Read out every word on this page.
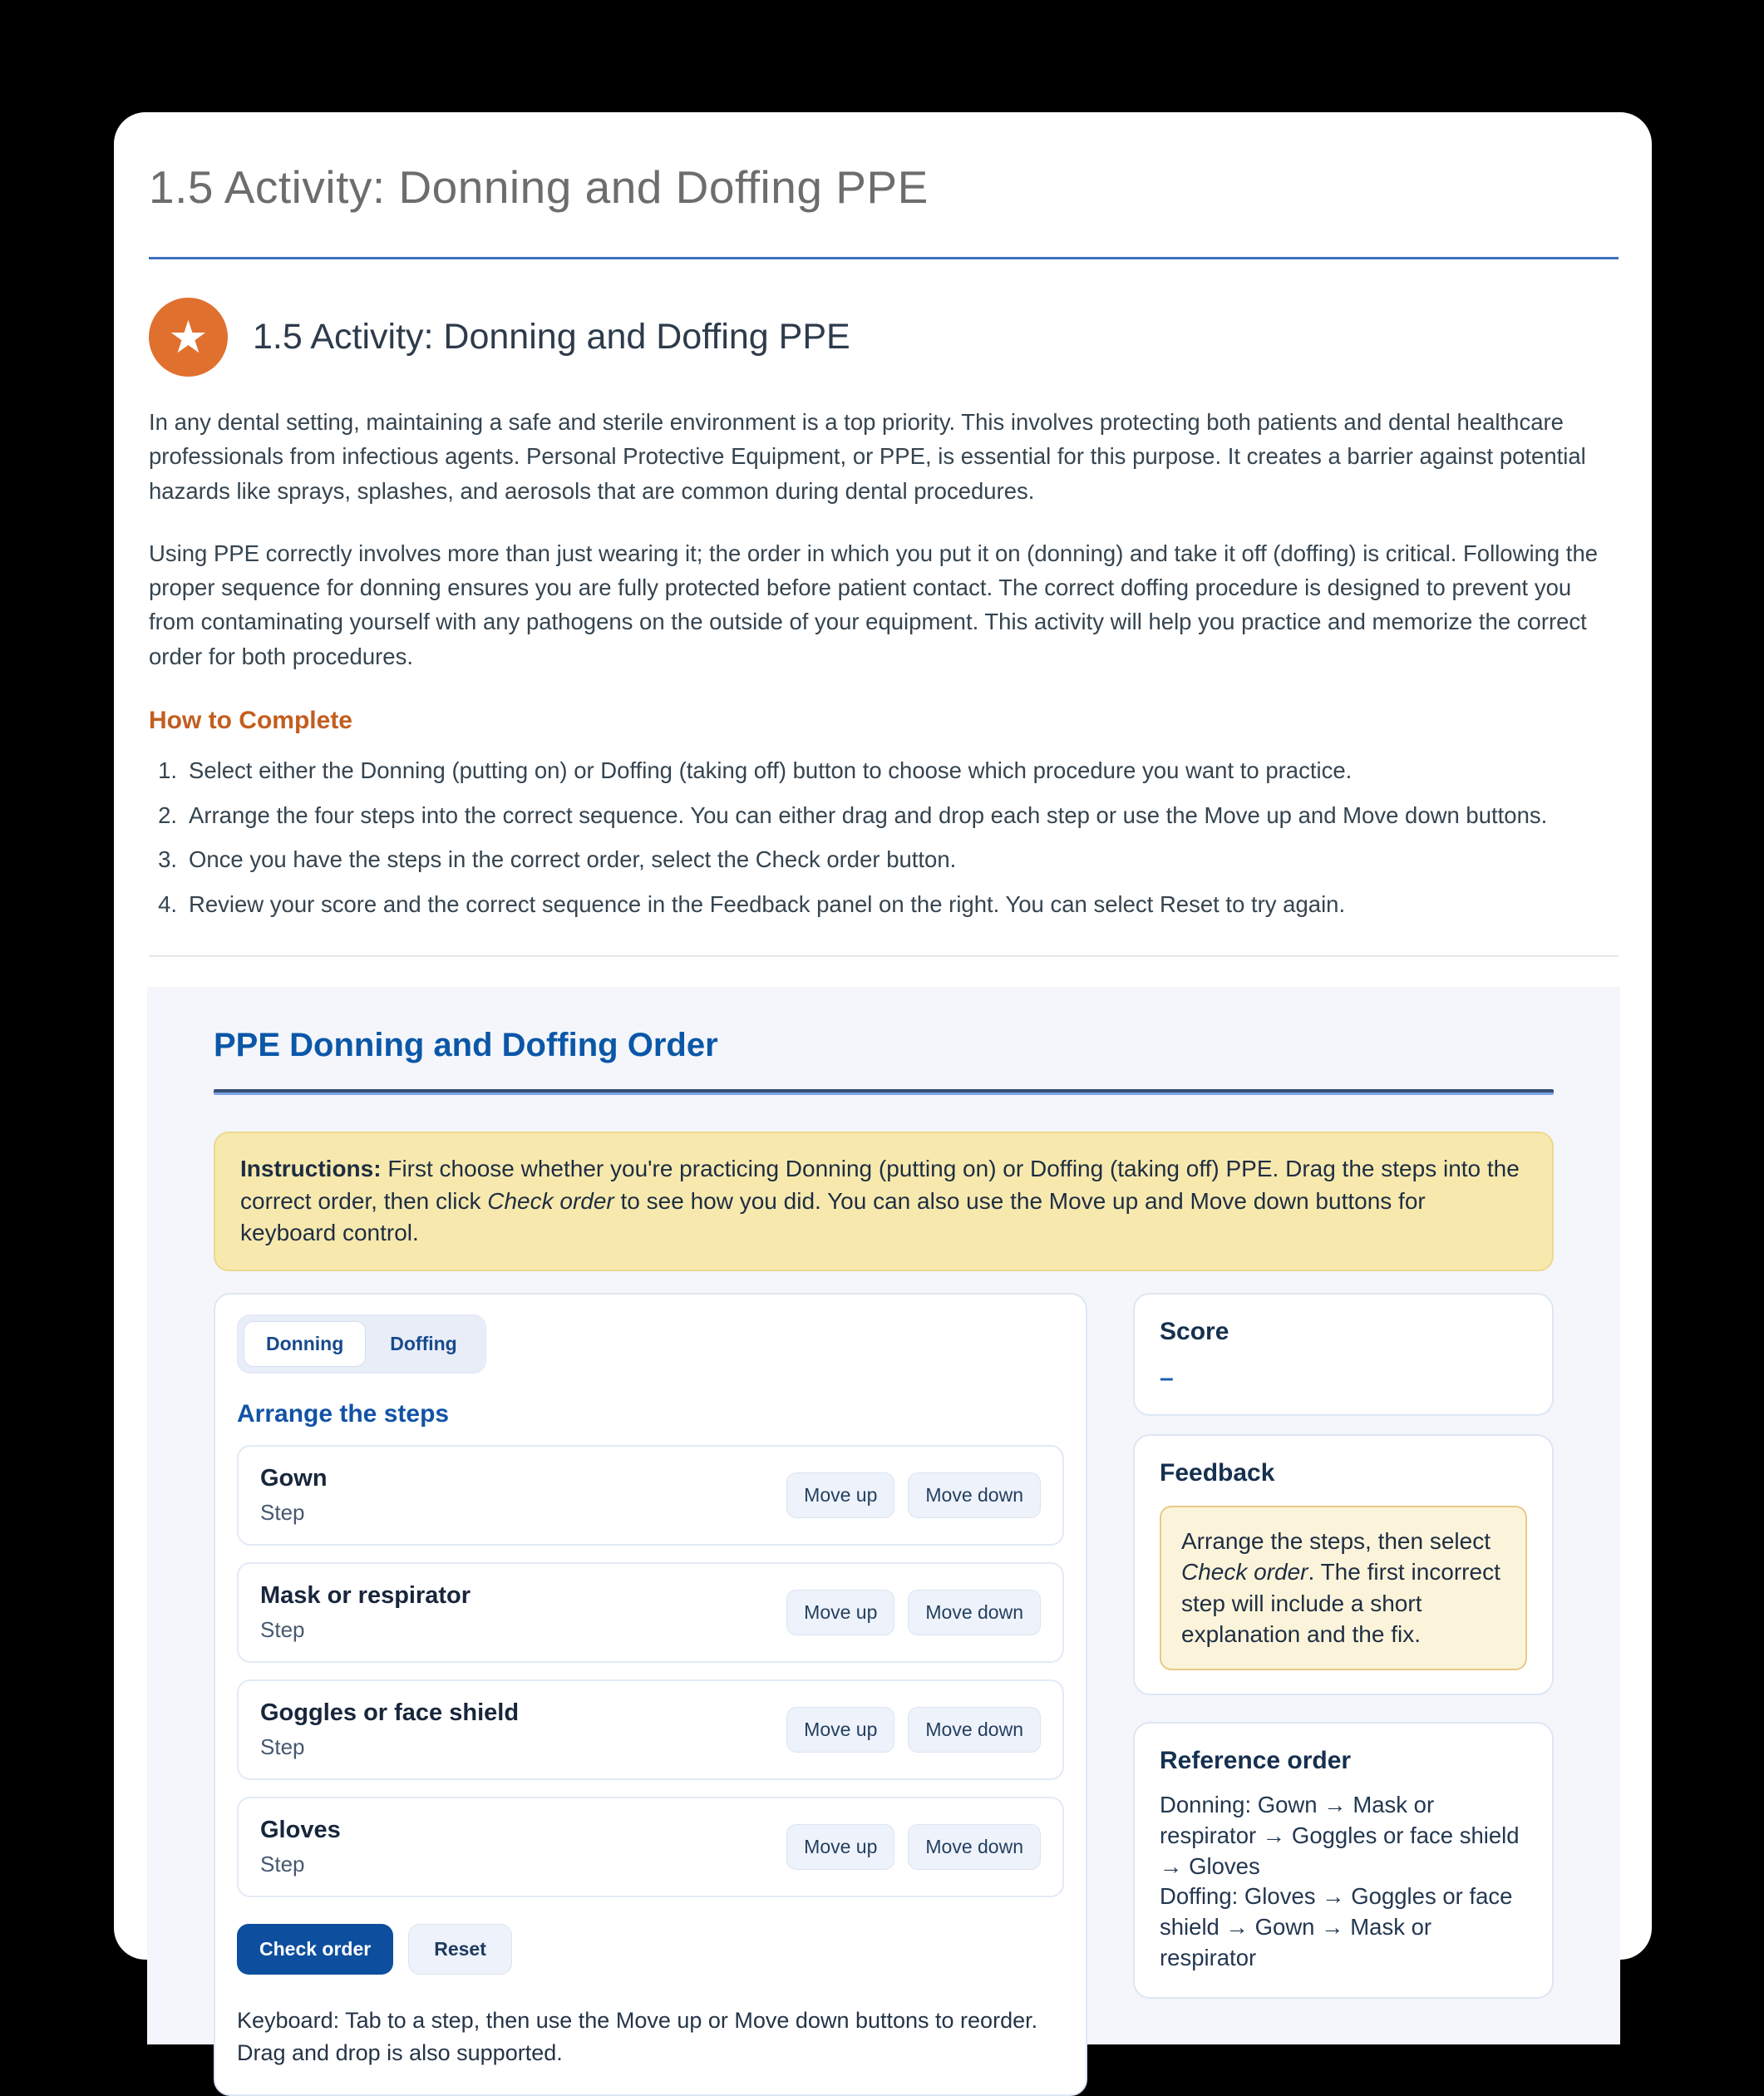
1.5 Activity: Donning and Doffing PPE
★ 1.5 Activity: Donning and Doffing PPE

In any dental setting, maintaining a safe and sterile environment is a top priority. This involves protecting both patients and dental healthcare professionals from infectious agents. Personal Protective Equipment, or PPE, is essential for this purpose. It creates a barrier against potential hazards like sprays, splashes, and aerosols that are common during dental procedures.

Using PPE correctly involves more than just wearing it; the order in which you put it on (donning) and take it off (doffing) is critical. Following the proper sequence for donning ensures you are fully protected before patient contact. The correct doffing procedure is designed to prevent you from contaminating yourself with any pathogens on the outside of your equipment. This activity will help you practice and memorize the correct order for both procedures.

How to Complete
1. Select either the Donning (putting on) or Doffing (taking off) button to choose which procedure you want to practice.
2. Arrange the four steps into the correct sequence. You can either drag and drop each step or use the Move up and Move down buttons.
3. Once you have the steps in the correct order, select the Check order button.
4. Review your score and the correct sequence in the Feedback panel on the right. You can select Reset to try again.
PPE Donning and Doffing Order
Instructions: First choose whether you're practicing Donning (putting on) or Doffing (taking off) PPE. Drag the steps into the correct order, then click Check order to see how you did. You can also use the Move up and Move down buttons for keyboard control.
Donning	Doffing
Arrange the steps
Gown
Step
Move up	Move down
Mask or respirator
Step
Move up	Move down
Goggles or face shield
Step
Move up	Move down
Gloves
Step
Move up	Move down
Check order	Reset

Keyboard: Tab to a step, then use the Move up or Move down buttons to reorder. Drag and drop is also supported.

Score
–
Feedback
Arrange the steps, then select Check order. The first incorrect step will include a short explanation and the fix.
Reference order
Donning: Gown → Mask or respirator → Goggles or face shield → Gloves
Doffing: Gloves → Goggles or face shield → Gown → Mask or respirator
